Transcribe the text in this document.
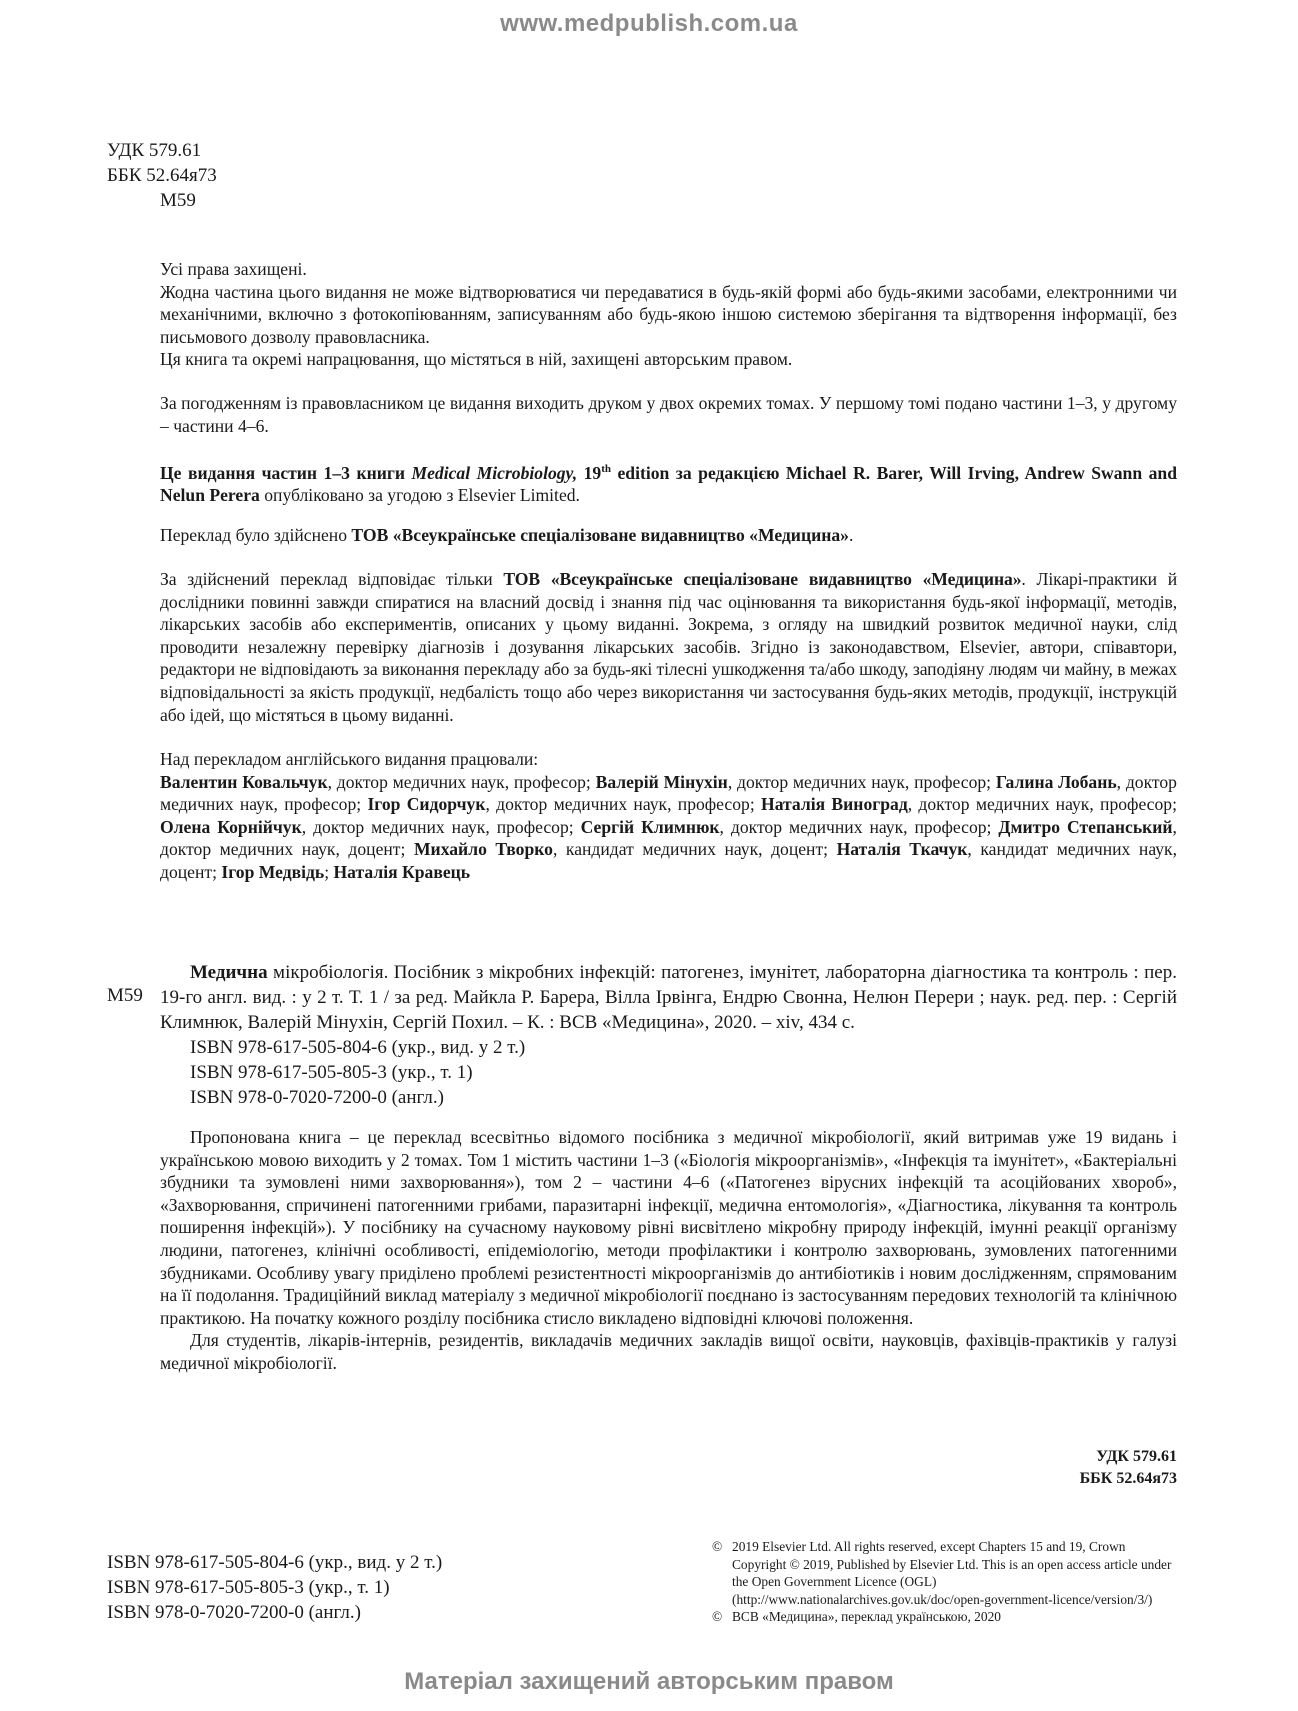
www.medpublish.com.ua
УДК 579.61
ББК 52.64я73
М59

Усі права захищені.

Жодна частина цього видання не може відтворюватися чи передаватися в будь-якій формі або будь-якими засобами, електронними чи механічними, включно з фотокопіюванням, записуванням або будь-якою іншою системою зберігання та відтворення інформації, без письмового дозволу правовласника.

Ця книга та окремі напрацювання, що містяться в ній, захищені авторським правом.

За погодженням із правовласником це видання виходить друком у двох окремих томах. У першому томі подано частини 1–3, у другому – частини 4–6.

Це видання частин 1–3 книги Medical Microbiology, 19th edition за редакцією Michael R. Barer, Will Irving, Andrew Swann and Nelun Perera опубліковано за угодою з Elsevier Limited.

Переклад було здійснено ТОВ «Всеукраїнське спеціалізоване видавництво «Медицина».

За здійснений переклад відповідає тільки ТОВ «Всеукраїнське спеціалізоване видавництво «Медицина». Лікарі-практики й дослідники повинні завжди спиратися на власний досвід і знання під час оцінювання та використання будь-якої інформації, методів, лікарських засобів або експериментів, описаних у цьому виданні. Зокрема, з огляду на швидкий розвиток медичної науки, слід проводити незалежну перевірку діагнозів і дозування лікарських засобів. Згідно із законодавством, Elsevier, автори, співавтори, редактори не відповідають за виконання перекладу або за будь-які тілесні ушкодження та/або шкоду, заподіяну людям чи майну, в межах відповідальності за якість продукції, недбалість тощо або через використання чи застосування будь-яких методів, продукції, інструкцій або ідей, що містяться в цьому виданні.

Над перекладом англійського видання працювали:

Валентин Ковальчук, доктор медичних наук, професор; Валерій Мінухін, доктор медичних наук, професор; Галина Лобань, доктор медичних наук, професор; Ігор Сидорчук, доктор медичних наук, професор; Наталія Виноград, доктор медичних наук, професор; Олена Корнійчук, доктор медичних наук, професор; Сергій Климнюк, доктор медичних наук, професор; Дмитро Степанський, доктор медичних наук, доцент; Михайло Творко, кандидат медичних наук, доцент; Наталія Ткачук, кандидат медичних наук, доцент; Ігор Медвідь; Наталія Кравець

М59

Медична мікробіологія. Посібник з мікробних інфекцій: патогенез, імунітет, лабораторна діагностика та контроль : пер. 19-го англ. вид. : у 2 т. Т. 1 / за ред. Майкла Р. Барера, Вілла Ірвінга, Ендрю Свонна, Нелюн Перери ; наук. ред. пер. : Сергій Климнюк, Валерій Мінухін, Сергій Похил. – К. : ВСВ «Медицина», 2020. – xiv, 434 с.

ISBN 978-617-505-804-6 (укр., вид. у 2 т.)

ISBN 978-617-505-805-3 (укр., т. 1)

ISBN 978-0-7020-7200-0 (англ.)

Пропонована книга – це переклад всесвітньо відомого посібника з медичної мікробіології, який витримав уже 19 видань і українською мовою виходить у 2 томах. Том 1 містить частини 1–3 («Біологія мікроорганізмів», «Інфекція та імунітет», «Бактеріальні збудники та зумовлені ними захворювання»), том 2 – частини 4–6 («Патогенез вірусних інфекцій та асоційованих хвороб», «Захворювання, спричинені патогенними грибами, паразитарні інфекції, медична ентомологія», «Діагностика, лікування та контроль поширення інфекцій»). У посібнику на сучасному науковому рівні висвітлено мікробну природу інфекцій, імунні реакції організму людини, патогенез, клінічні особливості, епідеміологію, методи профілактики і контролю захворювань, зумовлених патогенними збудниками. Особливу увагу приділено проблемі резистентності мікроорганізмів до антибіотиків і новим дослідженням, спрямованим на її подолання. Традиційний виклад матеріалу з медичної мікробіології поєднано із застосуванням передових технологій та клінічною практикою. На початку кожного розділу посібника стисло викладено відповідні ключові положення.

Для студентів, лікарів-інтернів, резидентів, викладачів медичних закладів вищої освіти, науковців, фахівців-практиків у галузі медичної мікробіології.

УДК 579.61
ББК 52.64я73
ISBN 978-617-505-804-6 (укр., вид. у 2 т.)
ISBN 978-617-505-805-3 (укр., т. 1)
ISBN 978-0-7020-7200-0 (англ.)

© 2019 Elsevier Ltd. All rights reserved, except Chapters 15 and 19, Crown Copyright © 2019, Published by Elsevier Ltd. This is an open access article under the Open Government Licence (OGL) (http://www.nationalarchives.gov.uk/doc/open-government-licence/version/3/)

© ВСВ «Медицина», переклад українською, 2020

Матеріал захищений авторським правом
